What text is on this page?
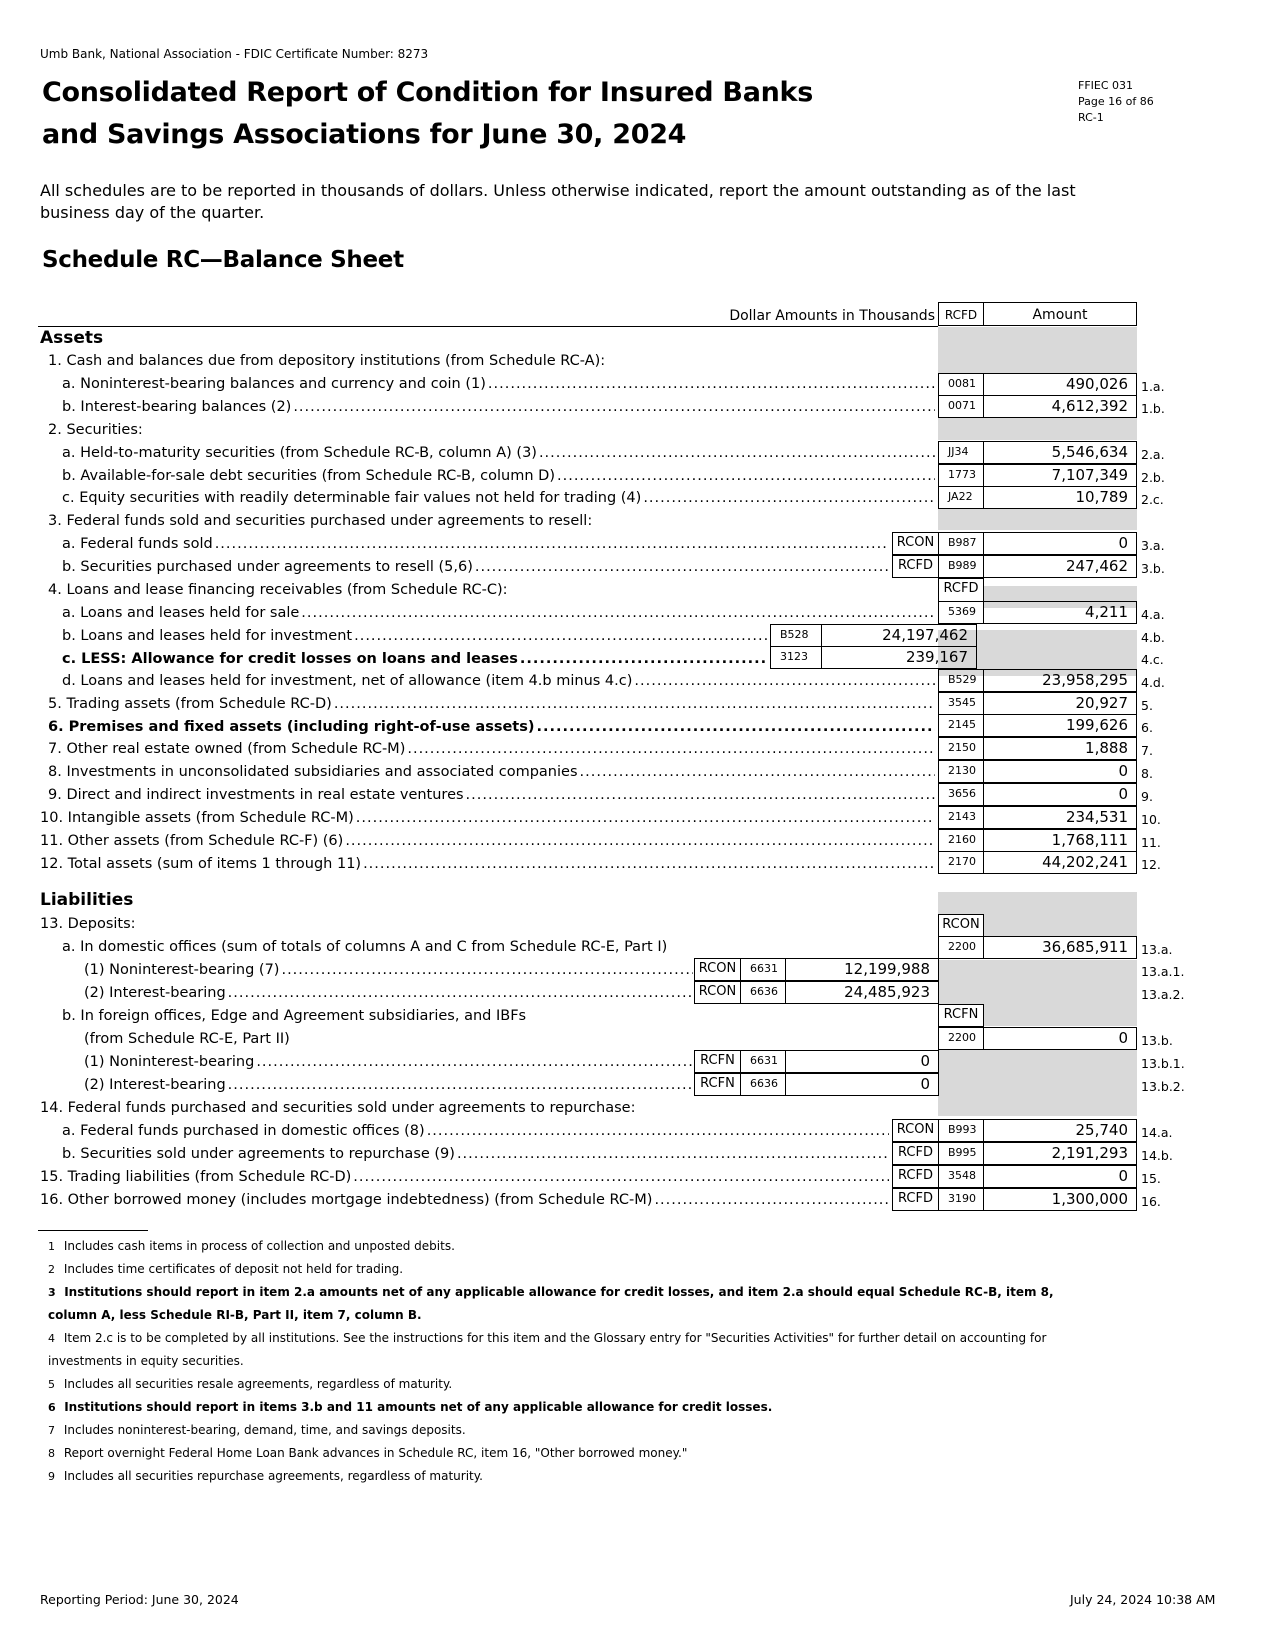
Umb Bank, National Association - FDIC Certificate Number: 8273
Consolidated Report of Condition for Insured Banks
and Savings Associations for June 30, 2024
FFIEC 031
Page 16 of 86
RC-1
All schedules are to be reported in thousands of dollars. Unless otherwise indicated, report the amount outstanding as of the last business day of the quarter.
Schedule RC—Balance Sheet
Dollar Amounts in Thousands RCFD	Amount
Assets
1. Cash and balances due from depository institutions (from Schedule RC-A):
a. Noninterest-bearing balances and currency and coin (1) .....	0081	490,026	1.a.
b. Interest-bearing balances (2) .....	0071	4,612,392	1.b.
2. Securities:
a. Held-to-maturity securities (from Schedule RC-B, column A) (3) .....	JJ34	5,546,634	2.a.
b. Available-for-sale debt securities (from Schedule RC-B, column D) .....	1773	7,107,349	2.b.
c. Equity securities with readily determinable fair values not held for trading (4) .....	JA22	10,789	2.c.
3. Federal funds sold and securities purchased under agreements to resell:
a. Federal funds sold .....	RCON	B987	0	3.a.
b. Securities purchased under agreements to resell (5,6) .....	RCFD	B989	247,462	3.b.
4. Loans and lease financing receivables (from Schedule RC-C):	RCFD
a. Loans and leases held for sale .....	5369	4,211	4.a.
b. Loans and leases held for investment .....	B528	24,197,462	4.b.
c. LESS: Allowance for credit losses on loans and leases .....	3123	239,167	4.c.
d. Loans and leases held for investment, net of allowance (item 4.b minus 4.c) .....	B529	23,958,295	4.d.
5. Trading assets (from Schedule RC-D) .....	3545	20,927	5.
6. Premises and fixed assets (including right-of-use assets) .....	2145	199,626	6.
7. Other real estate owned (from Schedule RC-M) .....	2150	1,888	7.
8. Investments in unconsolidated subsidiaries and associated companies .....	2130	0	8.
9. Direct and indirect investments in real estate ventures .....	3656	0	9.
10. Intangible assets (from Schedule RC-M) .....	2143	234,531	10.
11. Other assets (from Schedule RC-F) (6) .....	2160	1,768,111	11.
12. Total assets (sum of items 1 through 11) .....	2170	44,202,241	12.
Liabilities
13. Deposits:	RCON
a. In domestic offices (sum of totals of columns A and C from Schedule RC-E, Part I)	2200	36,685,911	13.a.
(1) Noninterest-bearing (7) .....	RCON	6631	12,199,988	13.a.1.
(2) Interest-bearing .....	RCON	6636	24,485,923	13.a.2.
b. In foreign offices, Edge and Agreement subsidiaries, and IBFs	RCFN
(from Schedule RC-E, Part II)	2200	0	13.b.
(1) Noninterest-bearing .....	RCFN	6631	0	13.b.1.
(2) Interest-bearing .....	RCFN	6636	0	13.b.2.
14. Federal funds purchased and securities sold under agreements to repurchase:
a. Federal funds purchased in domestic offices (8) .....	RCON	B993	25,740	14.a.
b. Securities sold under agreements to repurchase (9) .....	RCFD	B995	2,191,293	14.b.
15. Trading liabilities (from Schedule RC-D) .....	RCFD	3548	0	15.
16. Other borrowed money (includes mortgage indebtedness) (from Schedule RC-M) .....	RCFD	3190	1,300,000	16.
1 Includes cash items in process of collection and unposted debits.
2 Includes time certificates of deposit not held for trading.
3 Institutions should report in item 2.a amounts net of any applicable allowance for credit losses, and item 2.a should equal Schedule RC-B, item 8, column A, less Schedule RI-B, Part II, item 7, column B.
4 Item 2.c is to be completed by all institutions. See the instructions for this item and the Glossary entry for "Securities Activities" for further detail on accounting for investments in equity securities.
5 Includes all securities resale agreements, regardless of maturity.
6 Institutions should report in items 3.b and 11 amounts net of any applicable allowance for credit losses.
7 Includes noninterest-bearing, demand, time, and savings deposits.
8 Report overnight Federal Home Loan Bank advances in Schedule RC, item 16, "Other borrowed money."
9 Includes all securities repurchase agreements, regardless of maturity.
Reporting Period: June 30, 2024	July 24, 2024 10:38 AM
